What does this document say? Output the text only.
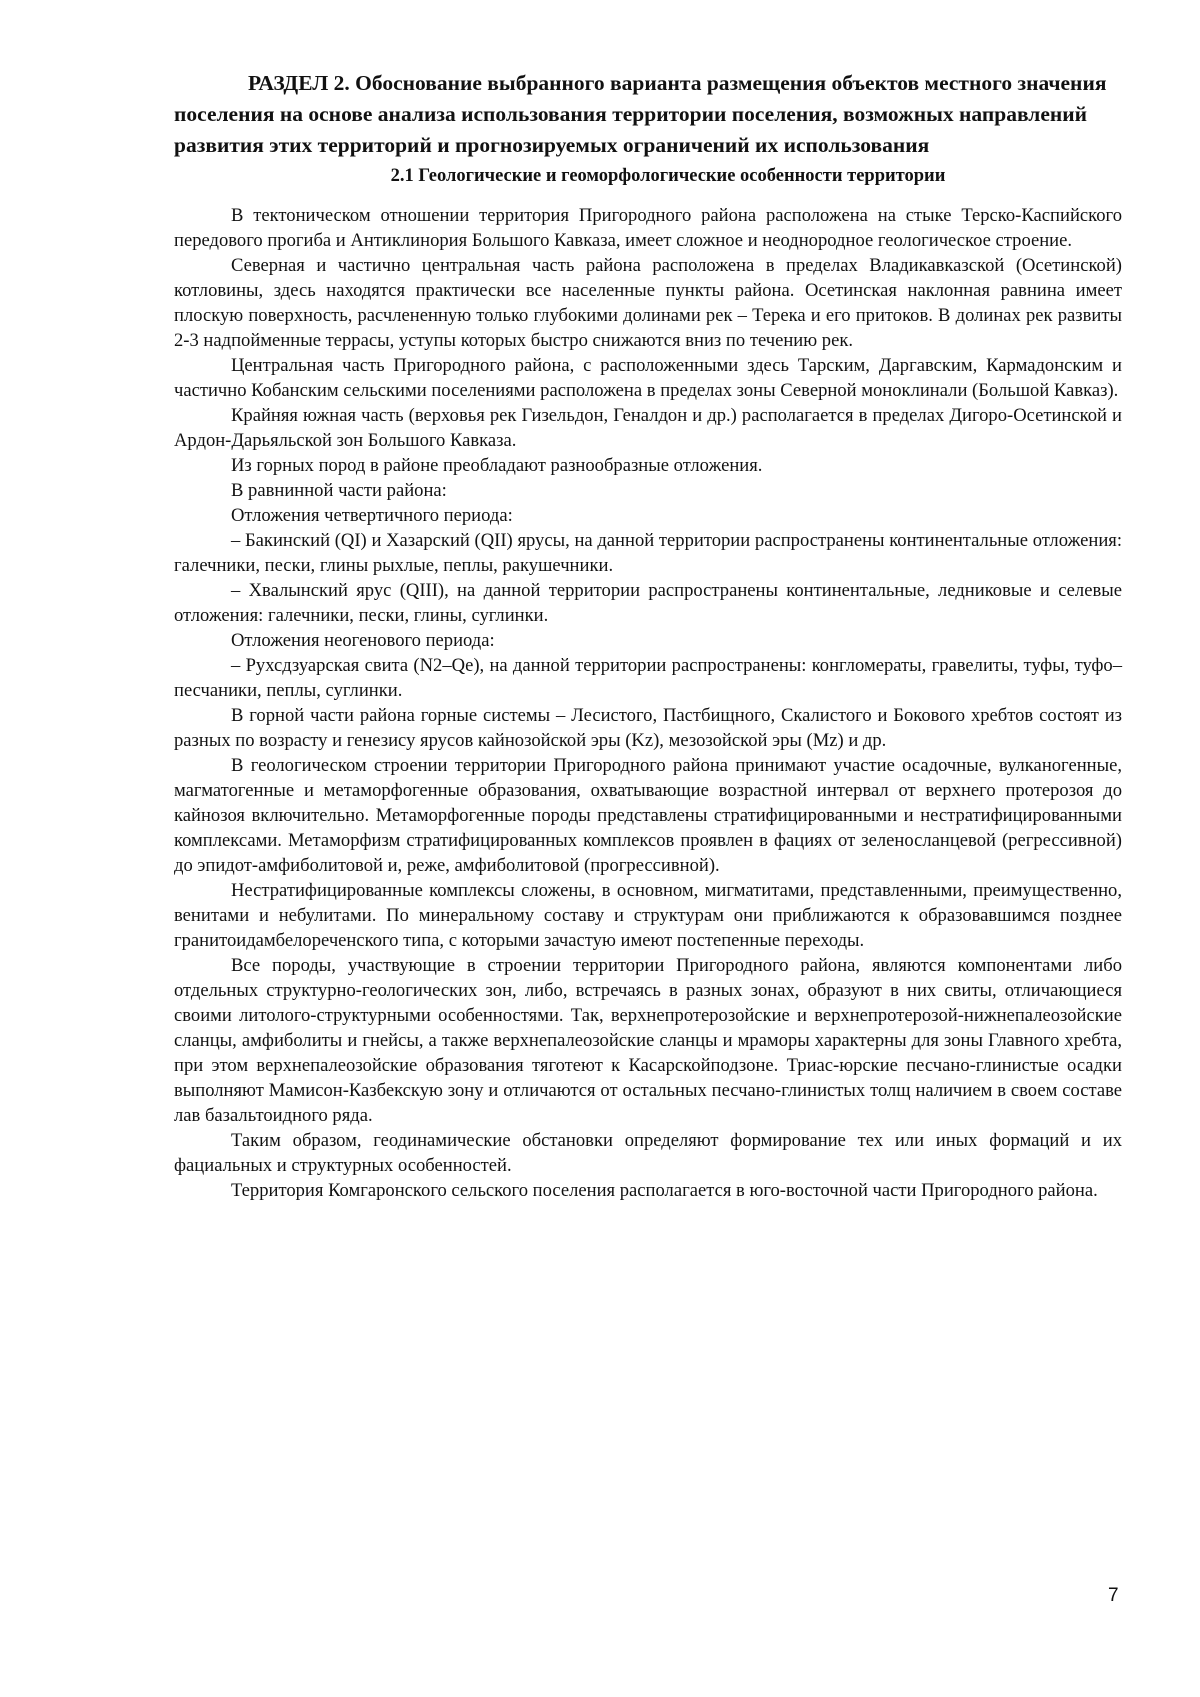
РАЗДЕЛ 2. Обоснование выбранного варианта размещения объектов местного значения поселения на основе анализа использования территории поселения, возможных направлений развития этих территорий и прогнозируемых ограничений их использования
2.1 Геологические и геоморфологические особенности территории

В тектоническом отношении территория Пригородного района расположена на стыке Терско-Каспийского передового прогиба и Антиклинория Большого Кавказа, имеет сложное и неоднородное геологическое строение.

Северная и частично центральная часть района расположена в пределах Владикавказской (Осетинской) котловины, здесь находятся практически все населенные пункты района. Осетинская наклонная равнина имеет плоскую поверхность, расчлененную только глубокими долинами рек – Терека и его притоков. В долинах рек развиты 2-3 надпойменные террасы, уступы которых быстро снижаются вниз по течению рек.

Центральная часть Пригородного района, с расположенными здесь Тарским, Даргавским, Кармадонским и частично Кобанским сельскими поселениями расположена в пределах зоны Северной моноклинали (Большой Кавказ).

Крайняя южная часть (верховья рек Гизельдон, Геналдон и др.) располагается в пределах Дигоро-Осетинской и Ардон-Дарьяльской зон Большого Кавказа.

Из горных пород в районе преобладают разнообразные отложения.

В равнинной части района:

Отложения четвертичного периода:

– Бакинский (QI) и Хазарский (QII) ярусы, на данной территории распространены континентальные отложения: галечники, пески, глины рыхлые, пеплы, ракушечники.

– Хвалынский ярус (QIII), на данной территории распространены континентальные, ледниковые и селевые отложения: галечники, пески, глины, суглинки.

Отложения неогенового периода:

– Рухсдзуарская свита (N2–Qe), на данной территории распространены: конгломераты, гравелиты, туфы, туфо–песчаники, пеплы, суглинки.

В горной части района горные системы – Лесистого, Пастбищного, Скалистого и Бокового хребтов состоят из разных по возрасту и генезису ярусов кайнозойской эры (Kz), мезозойской эры (Mz) и др.

В геологическом строении территории Пригородного района принимают участие осадочные, вулканогенные, магматогенные и метаморфогенные образования, охватывающие возрастной интервал от верхнего протерозоя до кайнозоя включительно. Метаморфогенные породы представлены стратифицированными и нестратифицированными комплексами. Метаморфизм стратифицированных комплексов проявлен в фациях от зеленосланцевой (регрессивной) до эпидот-амфиболитовой и, реже, амфиболитовой (прогрессивной).

Нестратифицированные комплексы сложены, в основном, мигматитами, представленными, преимущественно, венитами и небулитами. По минеральному составу и структурам они приближаются к образовавшимся позднее гранитоидамбелореченского типа, с которыми зачастую имеют постепенные переходы.

Все породы, участвующие в строении территории Пригородного района, являются компонентами либо отдельных структурно-геологических зон, либо, встречаясь в разных зонах, образуют в них свиты, отличающиеся своими литолого-структурными особенностями. Так, верхнепротерозойские и верхнепротерозой-нижнепалеозойские сланцы, амфиболиты и гнейсы, а также верхнепалеозойские сланцы и мраморы характерны для зоны Главного хребта, при этом верхнепалеозойские образования тяготеют к Касарскойподзоне. Триас-юрские песчано-глинистые осадки выполняют Мамисон-Казбекскую зону и отличаются от остальных песчано-глинистых толщ наличием в своем составе лав базальтоидного ряда.

Таким образом, геодинамические обстановки определяют формирование тех или иных формаций и их фациальных и структурных особенностей.

Территория Комгаронского сельского поселения располагается в юго-восточной части Пригородного района.

7
